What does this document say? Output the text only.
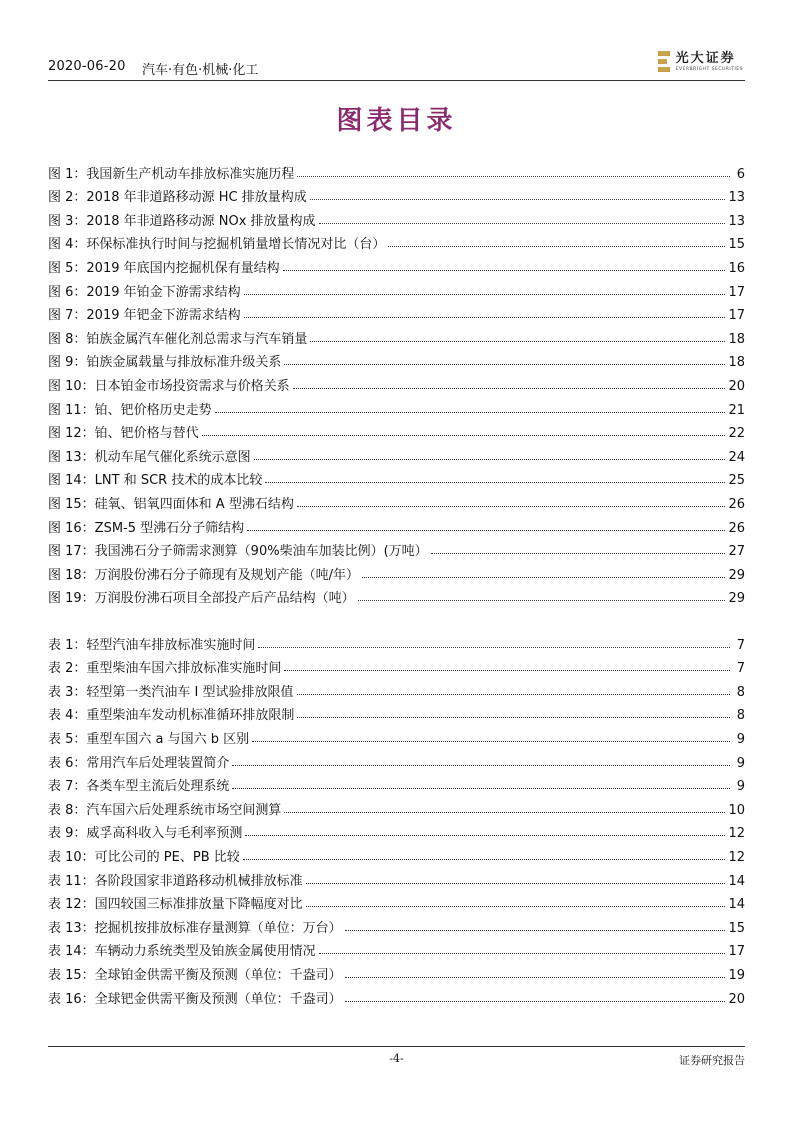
2020-06-20 汽车·有色·机械·化工
光大证券
EVERBRIGHT SECURITIES
图表目录
图 1：我国新生产机动车排放标准实施历程	6
图 2：2018 年非道路移动源 HC 排放量构成	13
图 3：2018 年非道路移动源 NOx 排放量构成	13
图 4：环保标准执行时间与挖掘机销量增长情况对比（台）	15
图 5：2019 年底国内挖掘机保有量结构	16
图 6：2019 年铂金下游需求结构	17
图 7：2019 年钯金下游需求结构	17
图 8：铂族金属汽车催化剂总需求与汽车销量	18
图 9：铂族金属载量与排放标准升级关系	18
图 10：日本铂金市场投资需求与价格关系	20
图 11：铂、钯价格历史走势	21
图 12：铂、钯价格与替代	22
图 13：机动车尾气催化系统示意图	24
图 14：LNT 和 SCR 技术的成本比较	25
图 15：硅氧、铝氧四面体和 A 型沸石结构	26
图 16：ZSM-5 型沸石分子筛结构	26
图 17：我国沸石分子筛需求测算（90%柴油车加装比例）(万吨）	27
图 18：万润股份沸石分子筛现有及规划产能（吨/年）	29
图 19：万润股份沸石项目全部投产后产品结构（吨）	29
表 1：轻型汽油车排放标准实施时间	7
表 2：重型柴油车国六排放标准实施时间	7
表 3：轻型第一类汽油车 I 型试验排放限值	8
表 4：重型柴油车发动机标准循环排放限制	8
表 5：重型车国六 a 与国六 b 区别	9
表 6：常用汽车后处理装置简介	9
表 7：各类车型主流后处理系统	9
表 8：汽车国六后处理系统市场空间测算	10
表 9：威孚高科收入与毛利率预测	12
表 10：可比公司的 PE、PB 比较	12
表 11：各阶段国家非道路移动机械排放标准	14
表 12：国四较国三标准排放量下降幅度对比	14
表 13：挖掘机按排放标准存量测算（单位：万台）	15
表 14：车辆动力系统类型及铂族金属使用情况	17
表 15：全球铂金供需平衡及预测（单位：千盎司）	19
表 16：全球钯金供需平衡及预测（单位：千盎司）	20
-4-	证券研究报告
